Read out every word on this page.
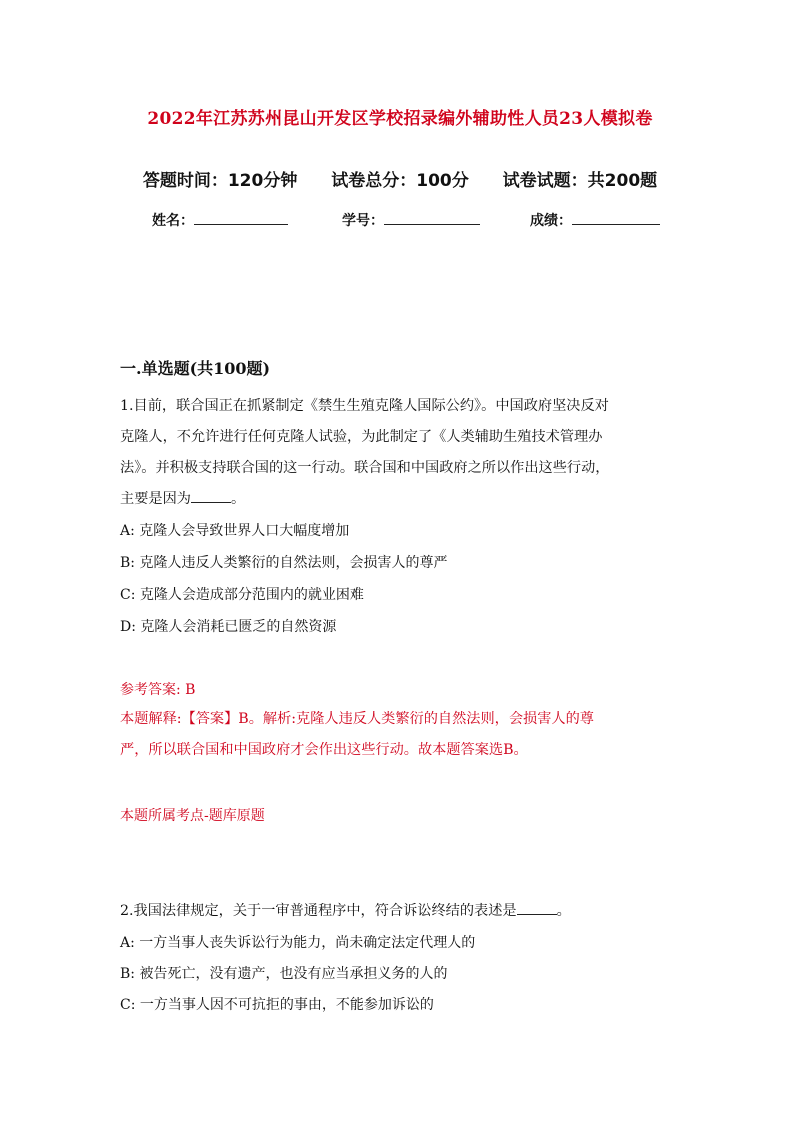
2022年江苏苏州昆山开发区学校招录编外辅助性人员23人模拟卷
答题时间：120分钟 试卷总分：100分 试卷试题：共200题
姓名：	学号：	成绩：
一.单选题(共100题)

1.目前，联合国正在抓紧制定《禁生生殖克隆人国际公约》。中国政府坚决反对

克隆人，不允许进行任何克隆人试验，为此制定了《人类辅助生殖技术管理办

法》。并积极支持联合国的这一行动。联合国和中国政府之所以作出这些行动，

主要是因为	。

A: 克隆人会导致世界人口大幅度增加
B: 克隆人违反人类繁衍的自然法则，会损害人的尊严
C: 克隆人会造成部分范围内的就业困难
D: 克隆人会消耗已匮乏的自然资源
参考答案: B

本题解释:【答案】B。解析:克隆人违反人类繁衍的自然法则，会损害人的尊

严，所以联合国和中国政府才会作出这些行动。故本题答案选B。

本题所属考点-题库原题

2.我国法律规定，关于一审普通程序中，符合诉讼终结的表述是	。

A: 一方当事人丧失诉讼行为能力，尚未确定法定代理人的
B: 被告死亡，没有遗产，也没有应当承担义务的人的
C: 一方当事人因不可抗拒的事由，不能参加诉讼的
